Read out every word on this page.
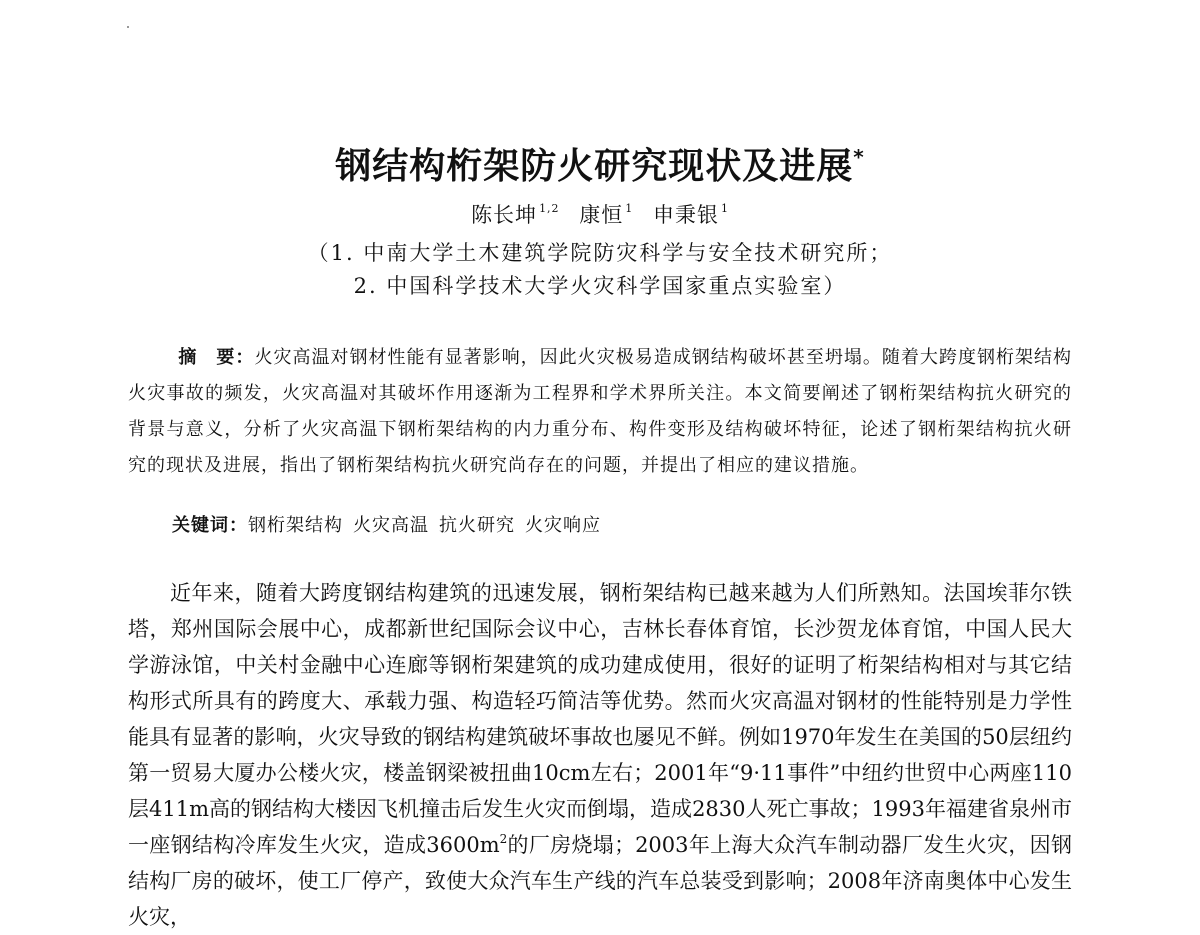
钢结构桁架防火研究现状及进展*
陈长坤 $^{1,2}$ 康恒 $^1$ 申秉银 $^1$
（1. 中南大学土木建筑学院防灾科学与安全技术研究所；
2. 中国科学技术大学火灾科学国家重点实验室）
摘　要：火灾高温对钢材性能有显著影响，因此火灾极易造成钢结构破坏甚至坍塌。随着大跨度钢桁架结构火灾事故的频发，火灾高温对其破坏作用逐渐为工程界和学术界所关注。本文简要阐述了钢桁架结构抗火研究的背景与意义，分析了火灾高温下钢桁架结构的内力重分布、构件变形及结构破坏特征，论述了钢桁架结构抗火研究的现状及进展，指出了钢桁架结构抗火研究尚存在的问题，并提出了相应的建议措施。
关键词：钢桁架结构 火灾高温 抗火研究 火灾响应
近年来，随着大跨度钢结构建筑的迅速发展，钢桁架结构已越来越为人们所熟知。法国埃菲尔铁塔，郑州国际会展中心，成都新世纪国际会议中心，吉林长春体育馆，长沙贺龙体育馆，中国人民大学游泳馆，中关村金融中心连廊等钢桁架建筑的成功建成使用，很好的证明了桁架结构相对与其它结构形式所具有的跨度大、承载力强、构造轻巧简洁等优势。然而火灾高温对钢材的性能特别是力学性能具有显著的影响，火灾导致的钢结构建筑破坏事故也屡见不鲜。例如1970年发生在美国的50层纽约第一贸易大厦办公楼火灾，楼盖钢梁被扭曲10cm左右；2001年“9·11事件”中纽约世贸中心两座110层411m高的钢结构大楼因飞机撞击后发生火灾而倒塌，造成2830人死亡事故；1993年福建省泉州市一座钢结构冷库发生火灾，造成$3600m^2$的厂房烧塌；2003年上海大众汽车制动器厂发生火灾，因钢结构厂房的破坏，使工厂停产，致使大众汽车生产线的汽车总装受到影响；2008年济南奥体中心发生火灾，
